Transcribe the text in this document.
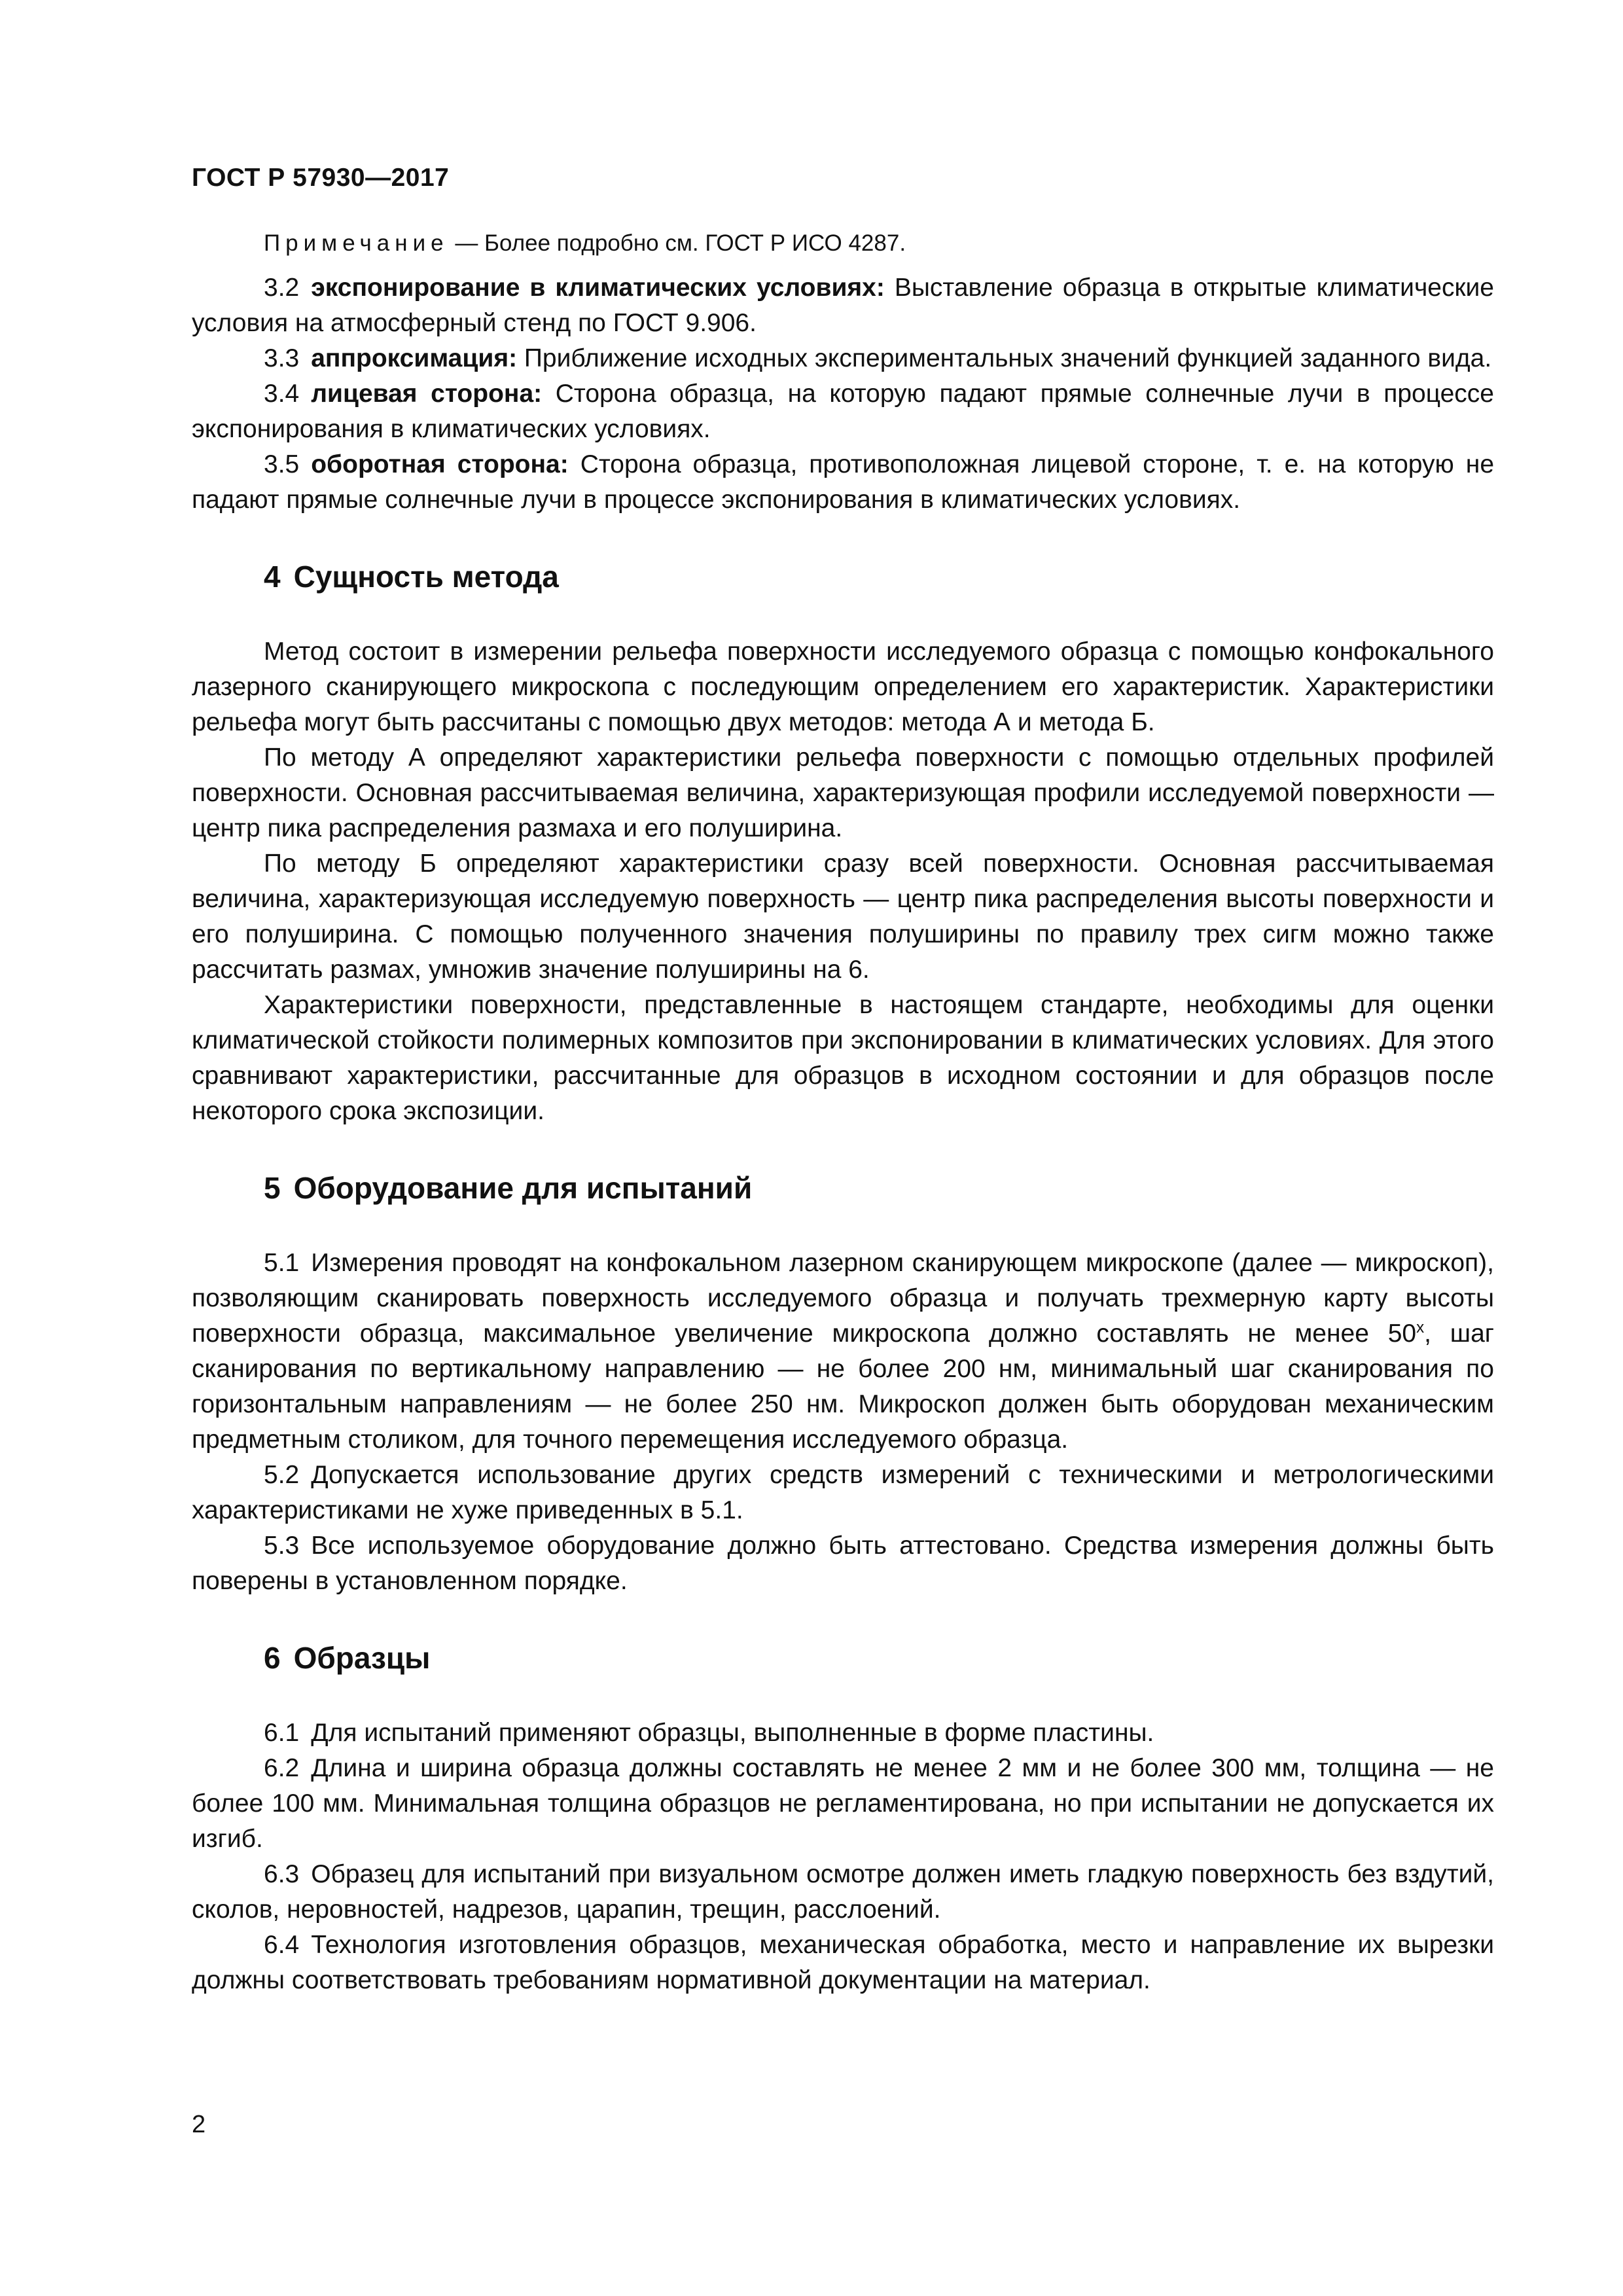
ГОСТ Р 57930—2017

Примечание — Более подробно см. ГОСТ Р ИСО 4287.

3.2 экспонирование в климатических условиях: Выставление образца в открытые климатические условия на атмосферный стенд по ГОСТ 9.906.

3.3 аппроксимация: Приближение исходных экспериментальных значений функцией заданного вида.

3.4 лицевая сторона: Сторона образца, на которую падают прямые солнечные лучи в процессе экспонирования в климатических условиях.

3.5 оборотная сторона: Сторона образца, противоположная лицевой стороне, т. е. на которую не падают прямые солнечные лучи в процессе экспонирования в климатических условиях.

4 Сущность метода

Метод состоит в измерении рельефа поверхности исследуемого образца с помощью конфокального лазерного сканирующего микроскопа с последующим определением его характеристик. Характеристики рельефа могут быть рассчитаны с помощью двух методов: метода А и метода Б.

По методу А определяют характеристики рельефа поверхности с помощью отдельных профилей поверхности. Основная рассчитываемая величина, характеризующая профили исследуемой поверхности — центр пика распределения размаха и его полуширина.

По методу Б определяют характеристики сразу всей поверхности. Основная рассчитываемая величина, характеризующая исследуемую поверхность — центр пика распределения высоты поверхности и его полуширина. С помощью полученного значения полуширины по правилу трех сигм можно также рассчитать размах, умножив значение полуширины на 6.

Характеристики поверхности, представленные в настоящем стандарте, необходимы для оценки климатической стойкости полимерных композитов при экспонировании в климатических условиях. Для этого сравнивают характеристики, рассчитанные для образцов в исходном состоянии и для образцов после некоторого срока экспозиции.

5 Оборудование для испытаний

5.1 Измерения проводят на конфокальном лазерном сканирующем микроскопе (далее — микроскоп), позволяющим сканировать поверхность исследуемого образца и получать трехмерную карту высоты поверхности образца, максимальное увеличение микроскопа должно составлять не менее 50$^x$, шаг сканирования по вертикальному направлению — не более 200 нм, минимальный шаг сканирования по горизонтальным направлениям — не более 250 нм. Микроскоп должен быть оборудован механическим предметным столиком, для точного перемещения исследуемого образца.

5.2 Допускается использование других средств измерений с техническими и метрологическими характеристиками не хуже приведенных в 5.1.

5.3 Все используемое оборудование должно быть аттестовано. Средства измерения должны быть поверены в установленном порядке.

6 Образцы

6.1 Для испытаний применяют образцы, выполненные в форме пластины.

6.2 Длина и ширина образца должны составлять не менее 2 мм и не более 300 мм, толщина — не более 100 мм. Минимальная толщина образцов не регламентирована, но при испытании не допускается их изгиб.

6.3 Образец для испытаний при визуальном осмотре должен иметь гладкую поверхность без вздутий, сколов, неровностей, надрезов, царапин, трещин, расслоений.

6.4 Технология изготовления образцов, механическая обработка, место и направление их вырезки должны соответствовать требованиям нормативной документации на материал.

2
